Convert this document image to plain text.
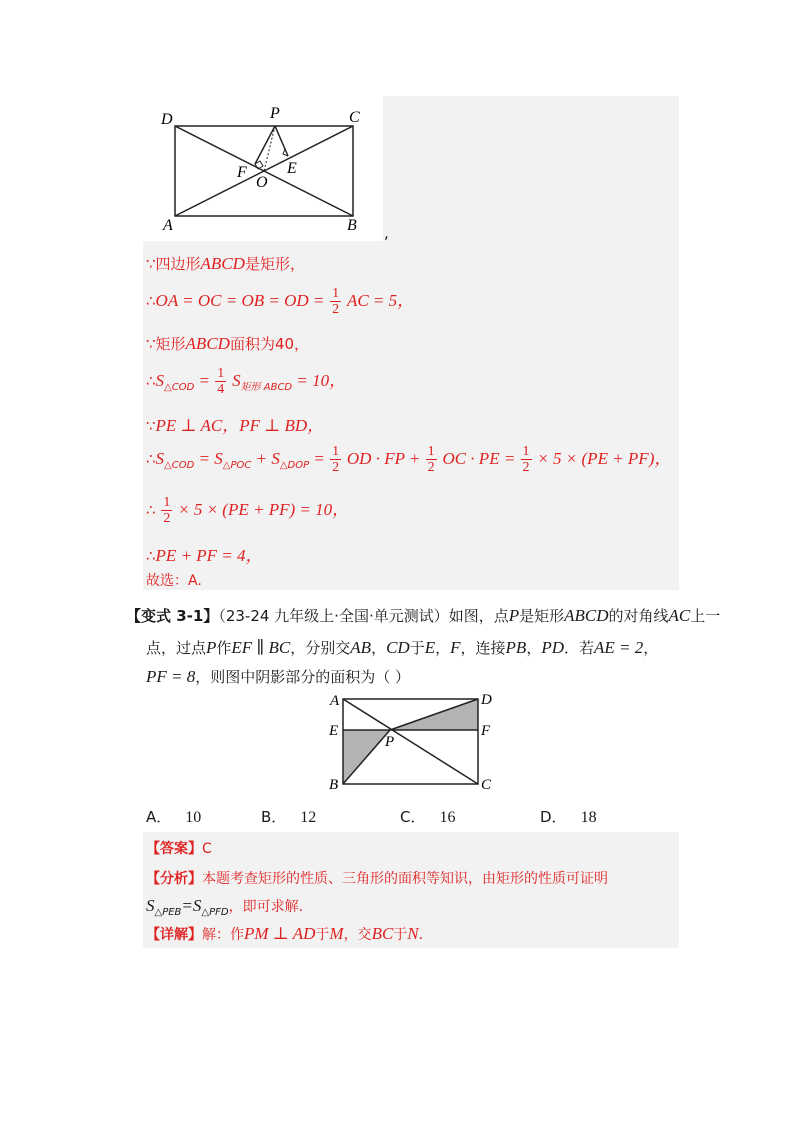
D	P	C
E
F
O
A	B ,
∵四边形ABCD是矩形，
∴OA = OC = OB = OD = $\frac{1}{2}$ AC = 5，
∵矩形ABCD面积为40，
$\therefore S_{\triangle COD} = \frac{1}{4} S_{矩形 ABCD} = 10$，
∵PE ⊥ AC，PF ⊥ BD，
$\therefore S_{\triangle COD} = S_{\triangle POC} + S_{\triangle DOP} = \frac{1}{2}$ OD · FP + $\frac{1}{2}$ OC · PE = $\frac{1}{2} \times 5 \times (PE + PF)$，
∴ $\frac{1}{2} \times 5 \times (PE + PF) = 10$，
∴PE + PF = 4，
故选：A.
【变式 3-1】（23-24 九年级上·全国·单元测试）如图，点P是矩形ABCD的对角线AC上一
点，过点P作EF ∥ BC，分别交AB，CD于E，F，连接PB，PD．若AE = 2，
PF = 8，则图中阴影部分的面积为（ ）
A	D
E	F
P
B	C
A． 10	B． 12	C． 16	D． 18
【答案】C
【分析】本题考查矩形的性质、三角形的面积等知识，由矩形的性质可证明
$S_{\triangle PEB}=S_{\triangle PFD}$，即可求解．
【详解】解：作PM ⊥ AD于M，交BC于N．
